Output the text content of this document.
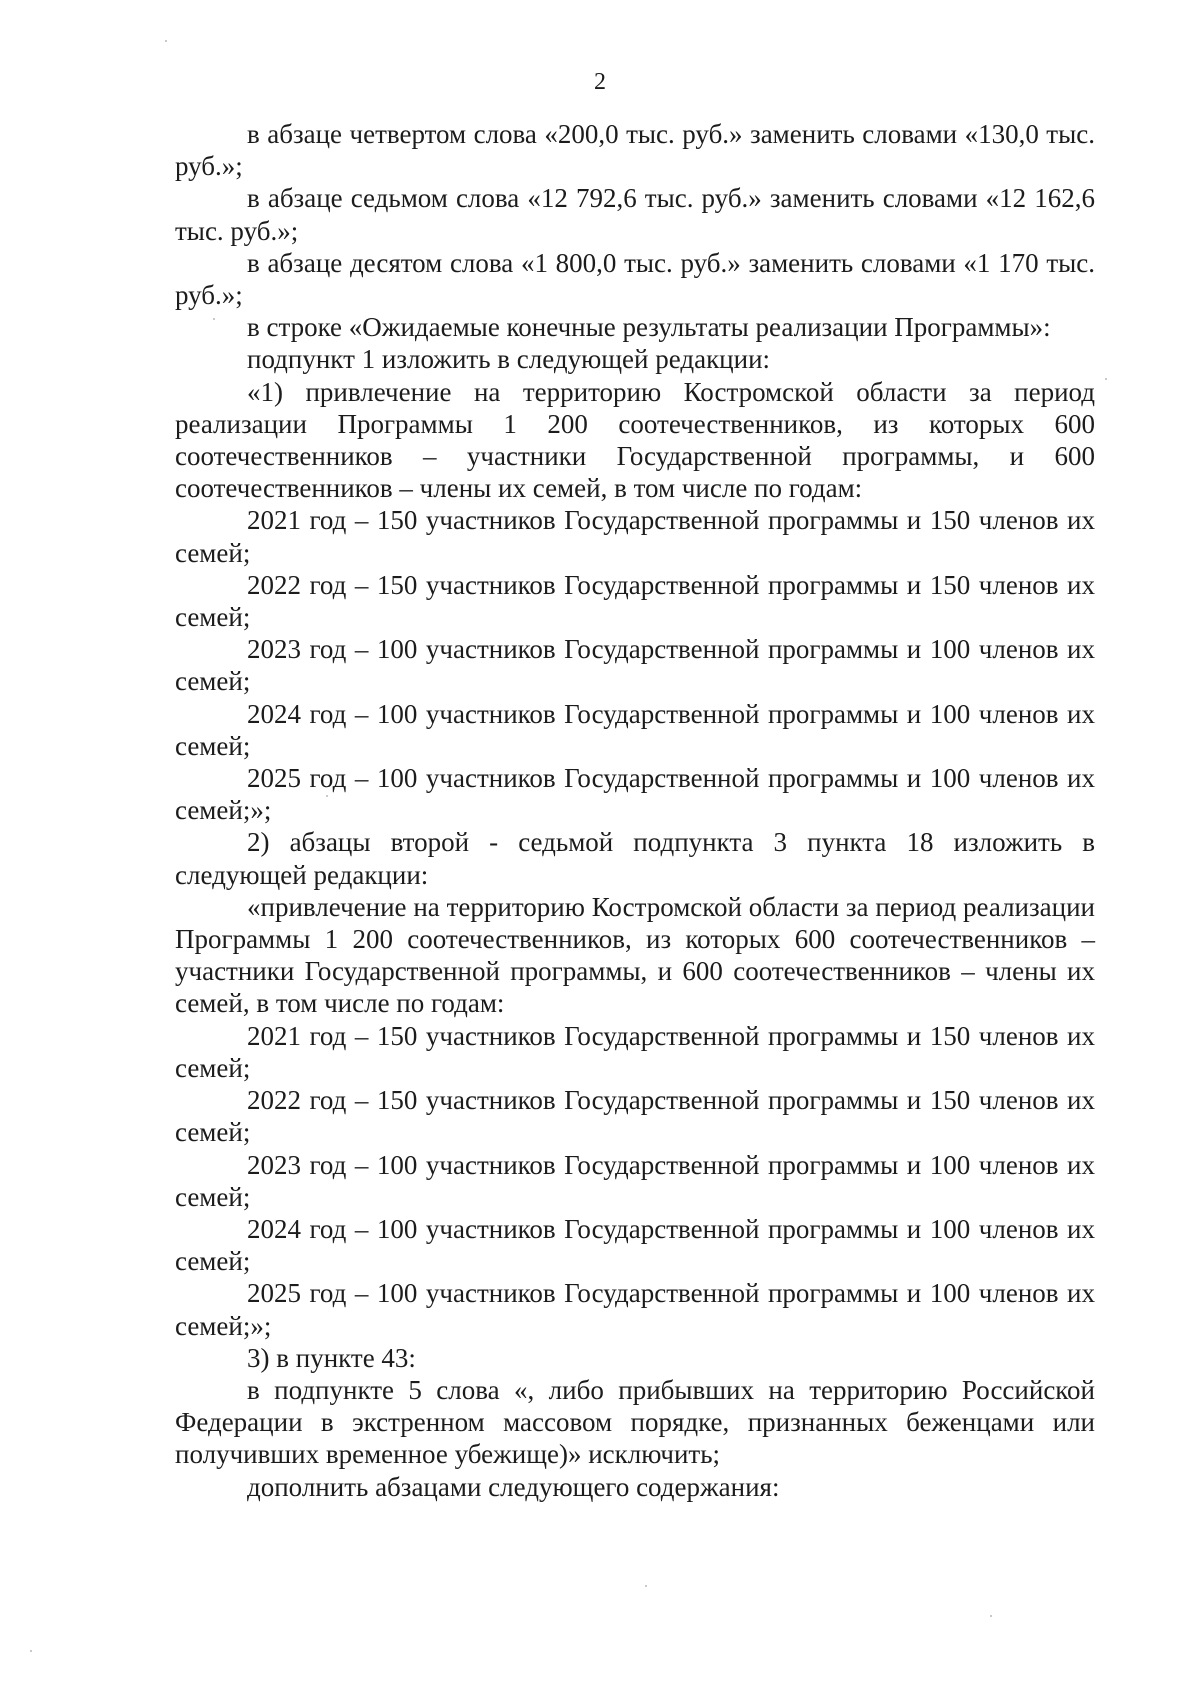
2

в абзаце четвертом слова «200,0 тыс. руб.» заменить словами «130,0 тыс. руб.»;

в абзаце седьмом слова «12 792,6 тыс. руб.» заменить словами «12 162,6 тыс. руб.»;

в абзаце десятом слова «1 800,0 тыс. руб.» заменить словами «1 170 тыс. руб.»;

в строке «Ожидаемые конечные результаты реализации Программы»:

подпункт 1 изложить в следующей редакции:

«1) привлечение на территорию Костромской области за период реализации Программы 1 200 соотечественников, из которых 600 соотечественников – участники Государственной программы, и 600 соотечественников – члены их семей, в том числе по годам:

2021 год – 150 участников Государственной программы и 150 членов их семей;

2022 год – 150 участников Государственной программы и 150 членов их семей;

2023 год – 100 участников Государственной программы и 100 членов их семей;

2024 год – 100 участников Государственной программы и 100 членов их семей;

2025 год – 100 участников Государственной программы и 100 членов их семей;»;

2) абзацы второй - седьмой подпункта 3 пункта 18 изложить в следующей редакции:

«привлечение на территорию Костромской области за период реализации Программы 1 200 соотечественников, из которых 600 соотечественников – участники Государственной программы, и 600 соотечественников – члены их семей, в том числе по годам:

2021 год – 150 участников Государственной программы и 150 членов их семей;

2022 год – 150 участников Государственной программы и 150 членов их семей;

2023 год – 100 участников Государственной программы и 100 членов их семей;

2024 год – 100 участников Государственной программы и 100 членов их семей;

2025 год – 100 участников Государственной программы и 100 членов их семей;»;

3) в пункте 43:

в подпункте 5 слова «, либо прибывших на территорию Российской Федерации в экстренном массовом порядке, признанных беженцами или получивших временное убежище)» исключить;

дополнить абзацами следующего содержания:
